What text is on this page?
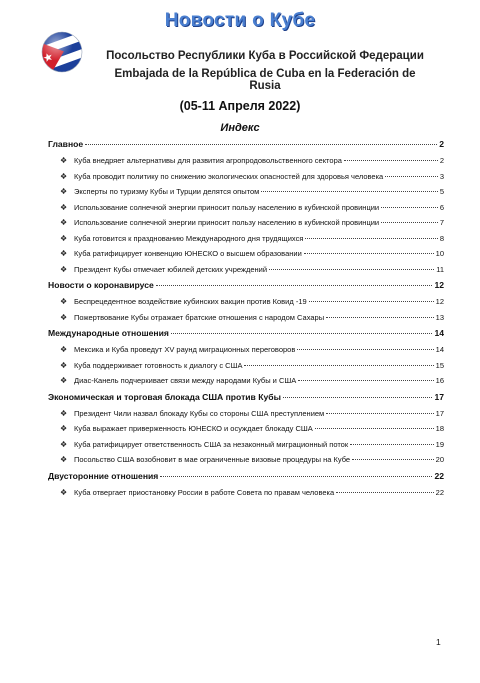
Новости о Кубе
Посольство Республики Куба в Российской Федерации
Embajada de la República de Cuba en la Federación de Rusia
(05-11 Апреля 2022)
Индекс
Главное	2
❖ Куба внедряет альтернативы для развития агропродовольственного сектора	2
❖ Куба проводит политику по снижению экологических опасностей для здоровья человека	3
❖ Эксперты по туризму Кубы и Турции делятся опытом	5
❖ Использование солнечной энергии приносит пользу населению в кубинской провинции	6
❖ Использование солнечной энергии приносит пользу населению в кубинской провинции	7
❖ Куба готовится к празднованию Международного дня трудящихся	8
❖ Куба ратифицирует конвенцию ЮНЕСКО о высшем образовании	10
❖ Президент Кубы отмечает юбилей детских учреждений	11
Новости о коронавирусе	12
❖ Беспрецедентное воздействие кубинских вакцин против Ковид -19	12
❖ Пожертвование Кубы отражает братские отношения с народом Сахары	13
Международные отношения	14
❖ Мексика и Куба проведут XV раунд миграционных переговоров	14
❖ Куба поддерживает готовность к диалогу с США	15
❖ Диас-Канель подчеркивает связи между народами Кубы и США	16
Экономическая и торговая блокада США против Кубы	17
❖ Президент Чили назвал блокаду Кубы со стороны США преступлением	17
❖ Куба выражает приверженность ЮНЕСКО и осуждает блокаду США	18
❖ Куба ратифицирует ответственность США за незаконный миграционный поток	19
❖ Посольство США возобновит в мае ограниченные визовые процедуры на Кубе	20
Двусторонние отношения	22
❖ Куба отвергает приостановку России в работе Совета по правам человека	22
1
